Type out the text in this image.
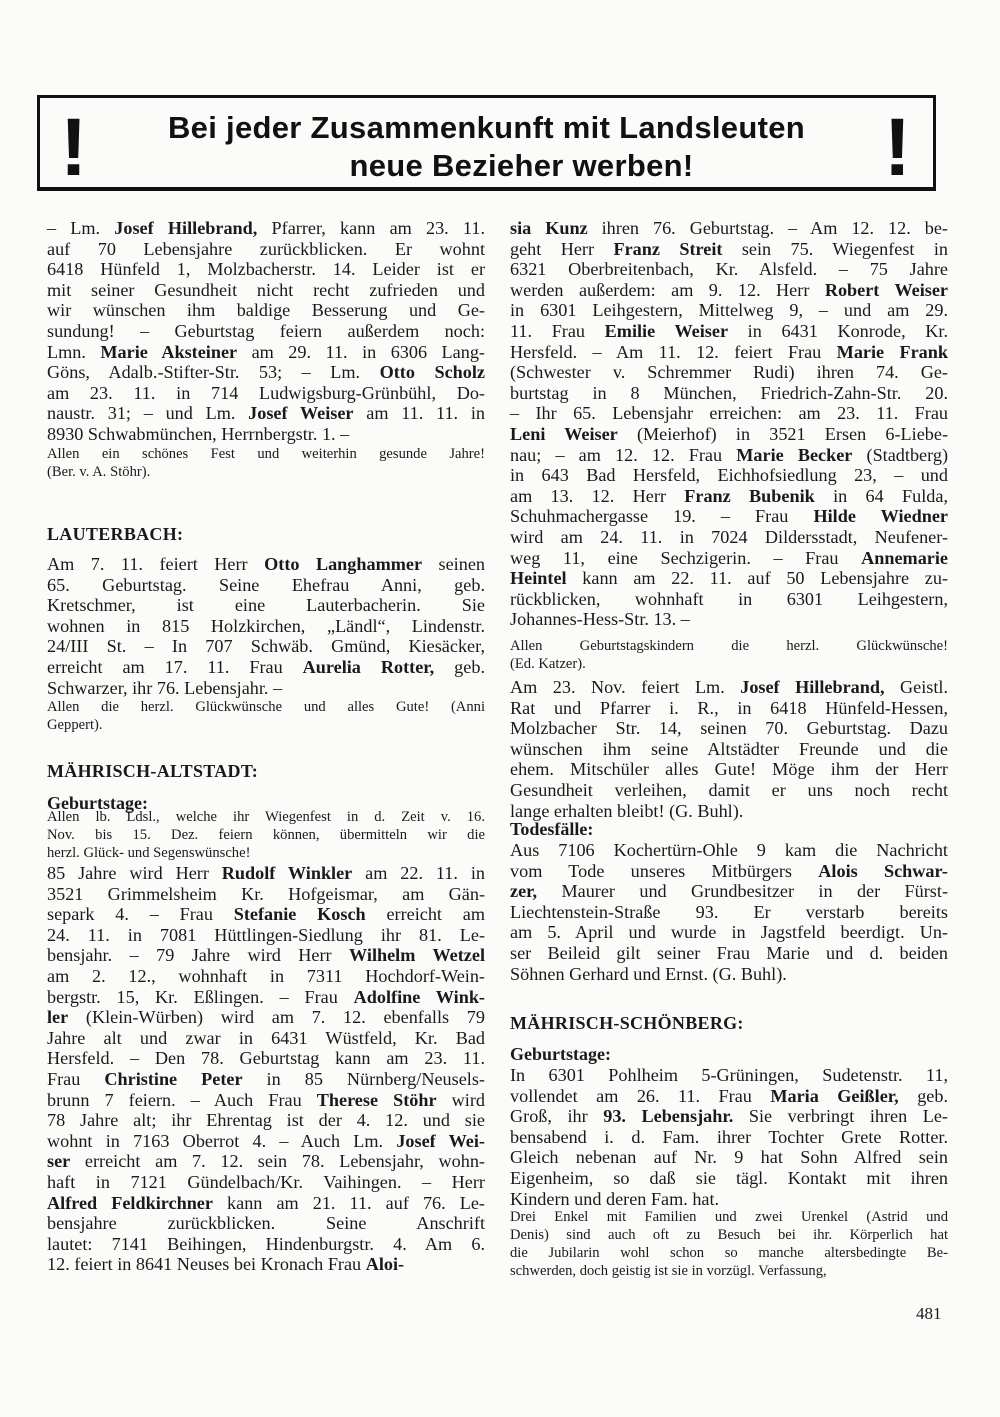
!	Bei jeder Zusammenkunft mit Landsleuten
neue Bezieher werben!	!
– Lm. Josef Hillebrand, Pfarrer, kann am 23. 11.
auf 70 Lebensjahre zurückblicken. Er wohnt
6418 Hünfeld 1, Molzbacherstr. 14. Leider ist er
mit seiner Gesundheit nicht recht zufrieden und
wir wünschen ihm baldige Besserung und Ge-
sundung! – Geburtstag feiern außerdem noch:
Lmn. Marie Aksteiner am 29. 11. in 6306 Lang-
Göns, Adalb.-Stifter-Str. 53; – Lm. Otto Scholz
am 23. 11. in 714 Ludwigsburg-Grünbühl, Do-
naustr. 31; – und Lm. Josef Weiser am 11. 11. in
8930 Schwabmünchen, Herrnbergstr. 1. –
Allen ein schönes Fest und weiterhin gesunde Jahre!
(Ber. v. A. Stöhr).
LAUTERBACH:
Am 7. 11. feiert Herr Otto Langhammer seinen
65. Geburtstag. Seine Ehefrau Anni, geb.
Kretschmer, ist eine Lauterbacherin. Sie
wohnen in 815 Holzkirchen, „Ländl“, Lindenstr.
24/III St. – In 707 Schwäb. Gmünd, Kiesäcker,
erreicht am 17. 11. Frau Aurelia Rotter, geb.
Schwarzer, ihr 76. Lebensjahr. –
Allen die herzl. Glückwünsche und alles Gute! (Anni
Geppert).
MÄHRISCH-ALTSTADT:
Geburtstage:
Allen lb. Ldsl., welche ihr Wiegenfest in d. Zeit v. 16.
Nov. bis 15. Dez. feiern können, übermitteln wir die
herzl. Glück- und Segenswünsche!
85 Jahre wird Herr Rudolf Winkler am 22. 11. in
3521 Grimmelsheim Kr. Hofgeismar, am Gän-
separk 4. – Frau Stefanie Kosch erreicht am
24. 11. in 7081 Hüttlingen-Siedlung ihr 81. Le-
bensjahr. – 79 Jahre wird Herr Wilhelm Wetzel
am 2. 12., wohnhaft in 7311 Hochdorf-Wein-
bergstr. 15, Kr. Eßlingen. – Frau Adolfine Wink-
ler (Klein-Würben) wird am 7. 12. ebenfalls 79
Jahre alt und zwar in 6431 Wüstfeld, Kr. Bad
Hersfeld. – Den 78. Geburtstag kann am 23. 11.
Frau Christine Peter in 85 Nürnberg/Neusels-
brunn 7 feiern. – Auch Frau Therese Stöhr wird
78 Jahre alt; ihr Ehrentag ist der 4. 12. und sie
wohnt in 7163 Oberrot 4. – Auch Lm. Josef Wei-
ser erreicht am 7. 12. sein 78. Lebensjahr, wohn-
haft in 7121 Gündelbach/Kr. Vaihingen. – Herr
Alfred Feldkirchner kann am 21. 11. auf 76. Le-
bensjahre zurückblicken. Seine Anschrift
lautet: 7141 Beihingen, Hindenburgstr. 4. Am 6.
12. feiert in 8641 Neuses bei Kronach Frau Aloi-
sia Kunz ihren 76. Geburtstag. – Am 12. 12. be-
geht Herr Franz Streit sein 75. Wiegenfest in
6321 Oberbreitenbach, Kr. Alsfeld. – 75 Jahre
werden außerdem: am 9. 12. Herr Robert Weiser
in 6301 Leihgestern, Mittelweg 9, – und am 29.
11. Frau Emilie Weiser in 6431 Konrode, Kr.
Hersfeld. – Am 11. 12. feiert Frau Marie Frank
(Schwester v. Schremmer Rudi) ihren 74. Ge-
burtstag in 8 München, Friedrich-Zahn-Str. 20.
– Ihr 65. Lebensjahr erreichen: am 23. 11. Frau
Leni Weiser (Meierhof) in 3521 Ersen 6-Liebe-
nau; – am 12. 12. Frau Marie Becker (Stadtberg)
in 643 Bad Hersfeld, Eichhofsiedlung 23, – und
am 13. 12. Herr Franz Bubenik in 64 Fulda,
Schuhmachergasse 19. – Frau Hilde Wiedner
wird am 24. 11. in 7024 Dildersstadt, Neufener-
weg 11, eine Sechzigerin. – Frau Annemarie
Heintel kann am 22. 11. auf 50 Lebensjahre zu-
rückblicken, wohnhaft in 6301 Leihgestern,
Johannes-Hess-Str. 13. –
Allen Geburtstagskindern die herzl. Glückwünsche!
(Ed. Katzer).
Am 23. Nov. feiert Lm. Josef Hillebrand, Geistl.
Rat und Pfarrer i. R., in 6418 Hünfeld-Hessen,
Molzbacher Str. 14, seinen 70. Geburtstag. Dazu
wünschen ihm seine Altstädter Freunde und die
ehem. Mitschüler alles Gute! Möge ihm der Herr
Gesundheit verleihen, damit er uns noch recht
lange erhalten bleibt! (G. Buhl).
Todesfälle:
Aus 7106 Kochertürn-Ohle 9 kam die Nachricht
vom Tode unseres Mitbürgers Alois Schwar-
zer, Maurer und Grundbesitzer in der Fürst-
Liechtenstein-Straße 93. Er verstarb bereits
am 5. April und wurde in Jagstfeld beerdigt. Un-
ser Beileid gilt seiner Frau Marie und d. beiden
Söhnen Gerhard und Ernst. (G. Buhl).
MÄHRISCH-SCHÖNBERG:
Geburtstage:
In 6301 Pohlheim 5-Grüningen, Sudetenstr. 11,
vollendet am 26. 11. Frau Maria Geißler, geb.
Groß, ihr 93. Lebensjahr. Sie verbringt ihren Le-
bensabend i. d. Fam. ihrer Tochter Grete Rotter.
Gleich nebenan auf Nr. 9 hat Sohn Alfred sein
Eigenheim, so daß sie tägl. Kontakt mit ihren
Kindern und deren Fam. hat.
Drei Enkel mit Familien und zwei Urenkel (Astrid und
Denis) sind auch oft zu Besuch bei ihr. Körperlich hat
die Jubilarin wohl schon so manche altersbedingte Be-
schwerden, doch geistig ist sie in vorzügl. Verfassung,
481
